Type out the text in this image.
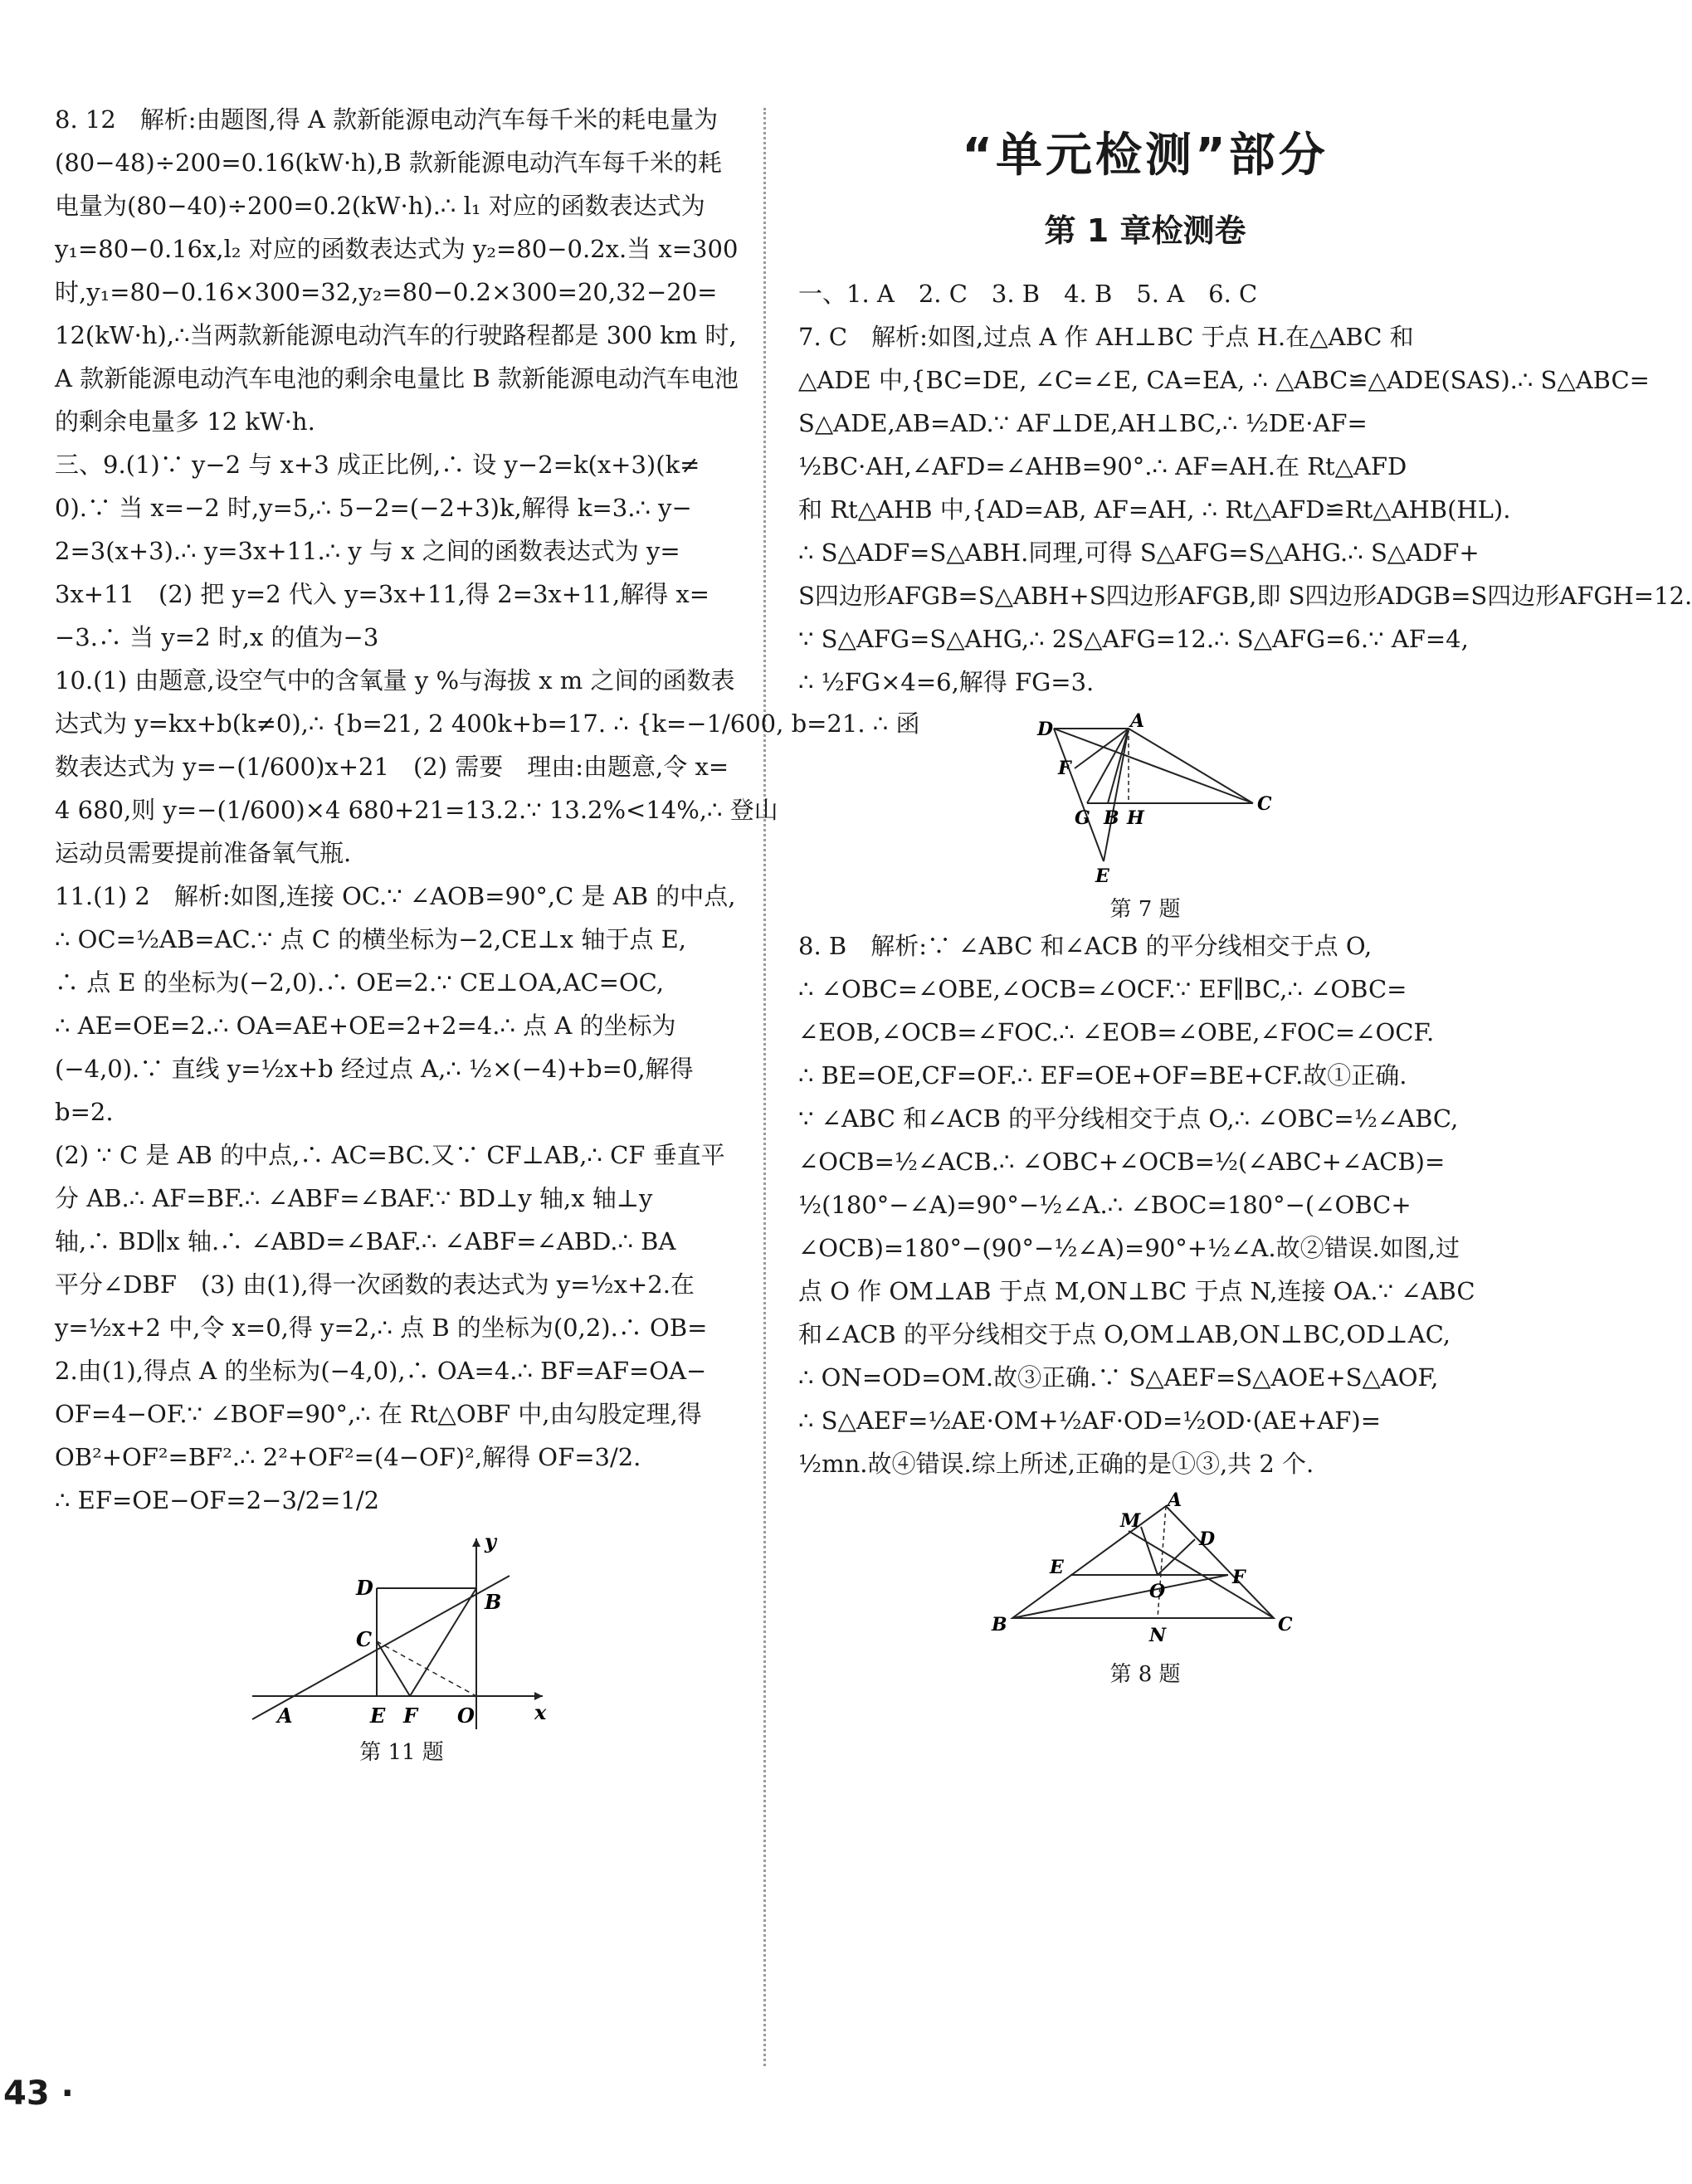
8. 12　解析:由题图,得 A 款新能源电动汽车每千米的耗电量为
(80−48)÷200=0.16(kW·h),B 款新能源电动汽车每千米的耗
电量为(80−40)÷200=0.2(kW·h).∴ l₁ 对应的函数表达式为
y₁=80−0.16x,l₂ 对应的函数表达式为 y₂=80−0.2x.当 x=300
时,y₁=80−0.16×300=32,y₂=80−0.2×300=20,32−20=
12(kW·h),∴当两款新能源电动汽车的行驶路程都是 300 km 时,
A 款新能源电动汽车电池的剩余电量比 B 款新能源电动汽车电池
的剩余电量多 12 kW·h.
三、9.(1)∵ y−2 与 x+3 成正比例,∴ 设 y−2=k(x+3)(k≠
0).∵ 当 x=−2 时,y=5,∴ 5−2=(−2+3)k,解得 k=3.∴ y−
2=3(x+3).∴ y=3x+11.∴ y 与 x 之间的函数表达式为 y=
3x+11　(2) 把 y=2 代入 y=3x+11,得 2=3x+11,解得 x=
−3.∴ 当 y=2 时,x 的值为−3
10.(1) 由题意,设空气中的含氧量 y %与海拔 x m 之间的函数表
达式为 y=kx+b(k≠0),∴ {b=21, 2 400k+b=17. ∴ {k=−1/600, b=21. ∴ 函
数表达式为 y=−(1/600)x+21　(2) 需要　理由:由题意,令 x=
4 680,则 y=−(1/600)×4 680+21=13.2.∵ 13.2%<14%,∴ 登山
运动员需要提前准备氧气瓶.
11.(1) 2　解析:如图,连接 OC.∵ ∠AOB=90°,C 是 AB 的中点,
∴ OC=½AB=AC.∵ 点 C 的横坐标为−2,CE⊥x 轴于点 E,
∴ 点 E 的坐标为(−2,0).∴ OE=2.∵ CE⊥OA,AC=OC,
∴ AE=OE=2.∴ OA=AE+OE=2+2=4.∴ 点 A 的坐标为
(−4,0).∵ 直线 y=½x+b 经过点 A,∴ ½×(−4)+b=0,解得
b=2.
(2) ∵ C 是 AB 的中点,∴ AC=BC.又∵ CF⊥AB,∴ CF 垂直平
分 AB.∴ AF=BF.∴ ∠ABF=∠BAF.∵ BD⊥y 轴,x 轴⊥y
轴,∴ BD∥x 轴.∴ ∠ABD=∠BAF.∴ ∠ABF=∠ABD.∴ BA
平分∠DBF　(3) 由(1),得一次函数的表达式为 y=½x+2.在
y=½x+2 中,令 x=0,得 y=2,∴ 点 B 的坐标为(0,2).∴ OB=
2.由(1),得点 A 的坐标为(−4,0),∴ OA=4.∴ BF=AF=OA−
OF=4−OF.∵ ∠BOF=90°,∴ 在 Rt△OBF 中,由勾股定理,得
OB²+OF²=BF².∴ 2²+OF²=(4−OF)²,解得 OF=3/2.
∴ EF=OE−OF=2−3/2=1/2
y
x
D
B
C
A	E F O
第 11 题
“单元检测”部分
第 1 章检测卷
一、1. A　2. C　3. B　4. B　5. A　6. C
7. C　解析:如图,过点 A 作 AH⊥BC 于点 H.在△ABC 和
△ADE 中,{BC=DE, ∠C=∠E, CA=EA, ∴ △ABC≌△ADE(SAS).∴ S△ABC=
S△ADE,AB=AD.∵ AF⊥DE,AH⊥BC,∴ ½DE·AF=
½BC·AH,∠AFD=∠AHB=90°.∴ AF=AH.在 Rt△AFD
和 Rt△AHB 中,{AD=AB, AF=AH, ∴ Rt△AFD≌Rt△AHB(HL).
∴ S△ADF=S△ABH.同理,可得 S△AFG=S△AHG.∴ S△ADF+
S四边形AFGB=S△ABH+S四边形AFGB,即 S四边形ADGB=S四边形AFGH=12.
∵ S△AFG=S△AHG,∴ 2S△AFG=12.∴ S△AFG=6.∵ AF=4,
∴ ½FG×4=6,解得 FG=3.
D	A
F
G B H
C
E
第 7 题
8. B　解析:∵ ∠ABC 和∠ACB 的平分线相交于点 O,
∴ ∠OBC=∠OBE,∠OCB=∠OCF.∵ EF∥BC,∴ ∠OBC=
∠EOB,∠OCB=∠FOC.∴ ∠EOB=∠OBE,∠FOC=∠OCF.
∴ BE=OE,CF=OF.∴ EF=OE+OF=BE+CF.故①正确.
∵ ∠ABC 和∠ACB 的平分线相交于点 O,∴ ∠OBC=½∠ABC,
∠OCB=½∠ACB.∴ ∠OBC+∠OCB=½(∠ABC+∠ACB)=
½(180°−∠A)=90°−½∠A.∴ ∠BOC=180°−(∠OBC+
∠OCB)=180°−(90°−½∠A)=90°+½∠A.故②错误.如图,过
点 O 作 OM⊥AB 于点 M,ON⊥BC 于点 N,连接 OA.∵ ∠ABC
和∠ACB 的平分线相交于点 O,OM⊥AB,ON⊥BC,OD⊥AC,
∴ ON=OD=OM.故③正确.∵ S△AEF=S△AOE+S△AOF,
∴ S△AEF=½AE·OM+½AF·OD=½OD·(AE+AF)=
½mn.故④错误.综上所述,正确的是①③,共 2 个.
A
M
D
E	F
O
B	N	C
第 8 题
43 ·
